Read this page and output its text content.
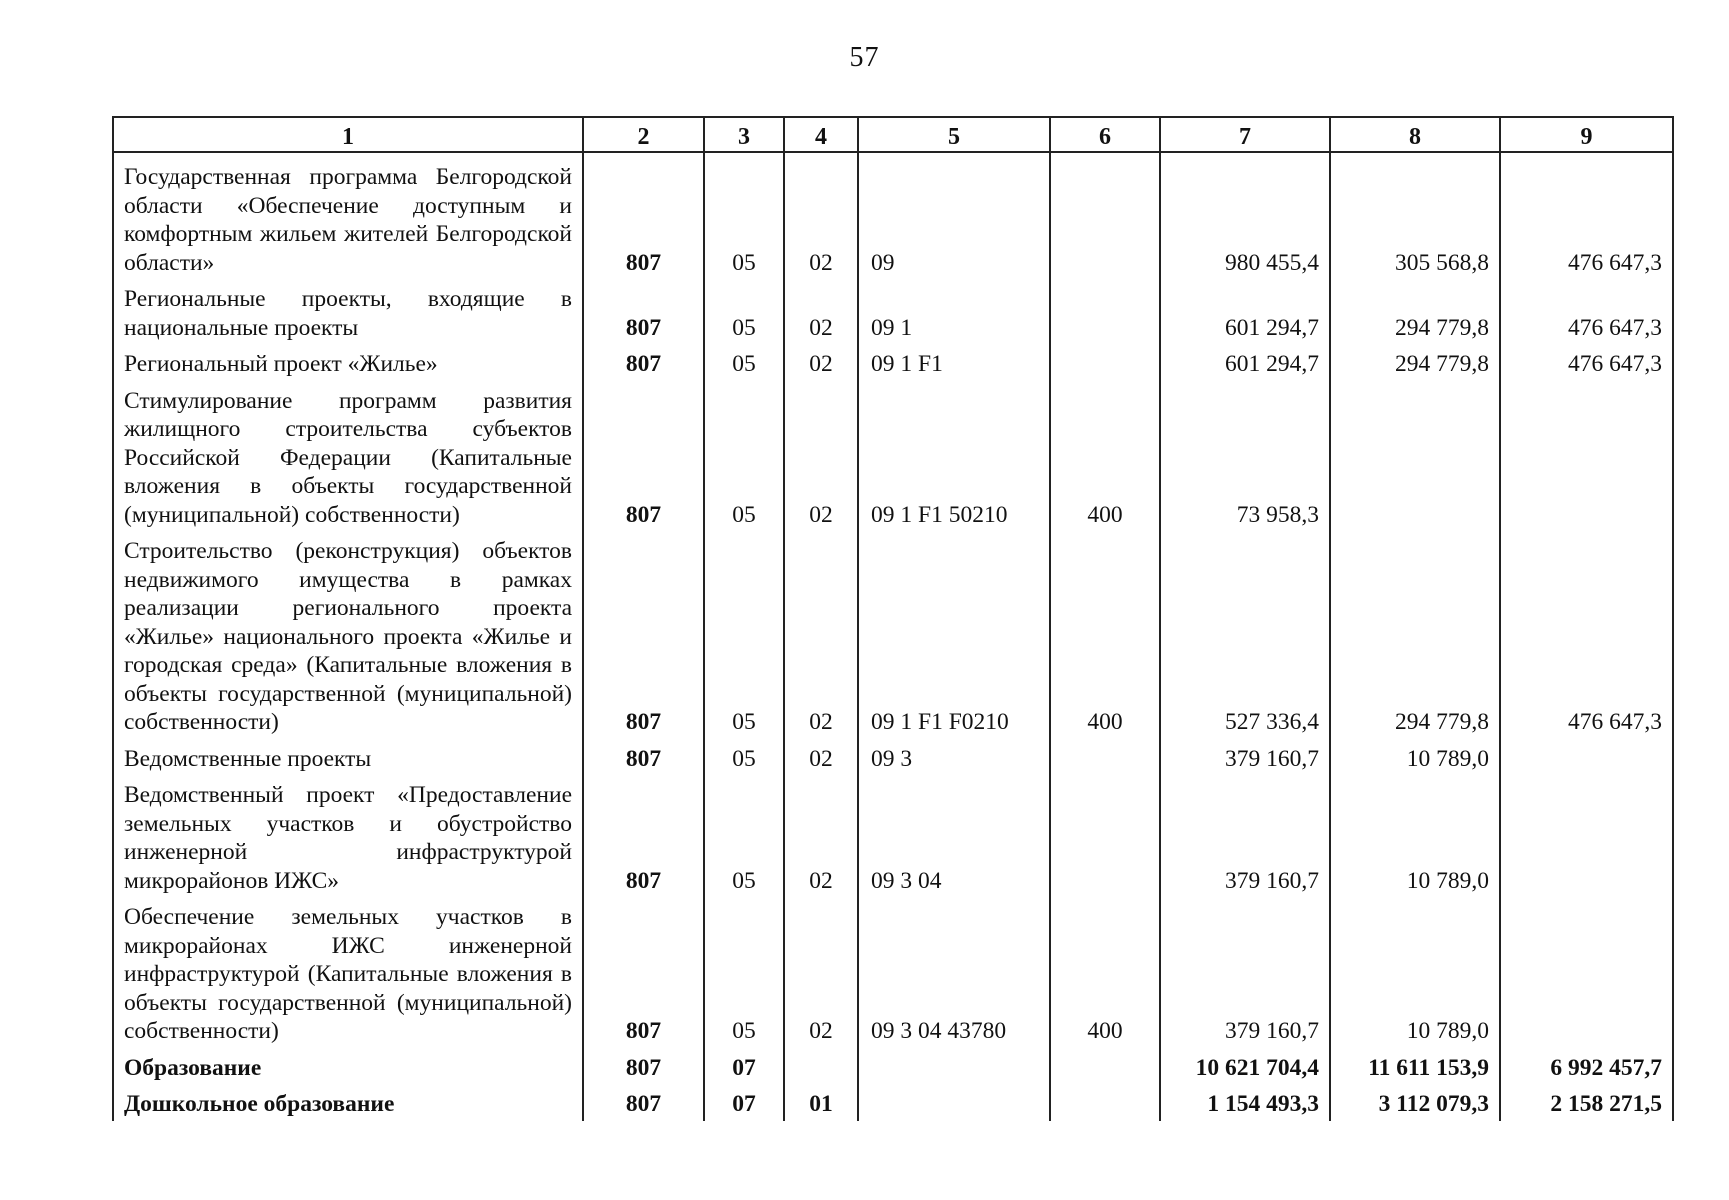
57
1	2	3	4	5	6	7	8	9
Государственная программа Белгородской области «Обеспечение доступным и комфортным жильем жителей Белгородской области»	807	05	02	09		980 455,4	305 568,8	476 647,3
Региональные проекты, входящие в национальные проекты	807	05	02	09 1		601 294,7	294 779,8	476 647,3
Региональный проект «Жилье»	807	05	02	09 1 F1		601 294,7	294 779,8	476 647,3
Стимулирование программ развития жилищного строительства субъектов Российской Федерации (Капитальные вложения в объекты государственной (муниципальной) собственности)	807	05	02	09 1 F1 50210	400	73 958,3		
Строительство (реконструкция) объектов недвижимого имущества в рамках реализации регионального проекта «Жилье» национального проекта «Жилье и городская среда» (Капитальные вложения в объекты государственной (муниципальной) собственности)	807	05	02	09 1 F1 F0210	400	527 336,4	294 779,8	476 647,3
Ведомственные проекты	807	05	02	09 3		379 160,7	10 789,0	
Ведомственный проект «Предоставление земельных участков и обустройство инженерной инфраструктурой микрорайонов ИЖС»	807	05	02	09 3 04		379 160,7	10 789,0	
Обеспечение земельных участков в микрорайонах ИЖС инженерной инфраструктурой (Капитальные вложения в объекты государственной (муниципальной) собственности)	807	05	02	09 3 04 43780	400	379 160,7	10 789,0	
Образование	807	07				10 621 704,4	11 611 153,9	6 992 457,7
Дошкольное образование	807	07	01			1 154 493,3	3 112 079,3	2 158 271,5
